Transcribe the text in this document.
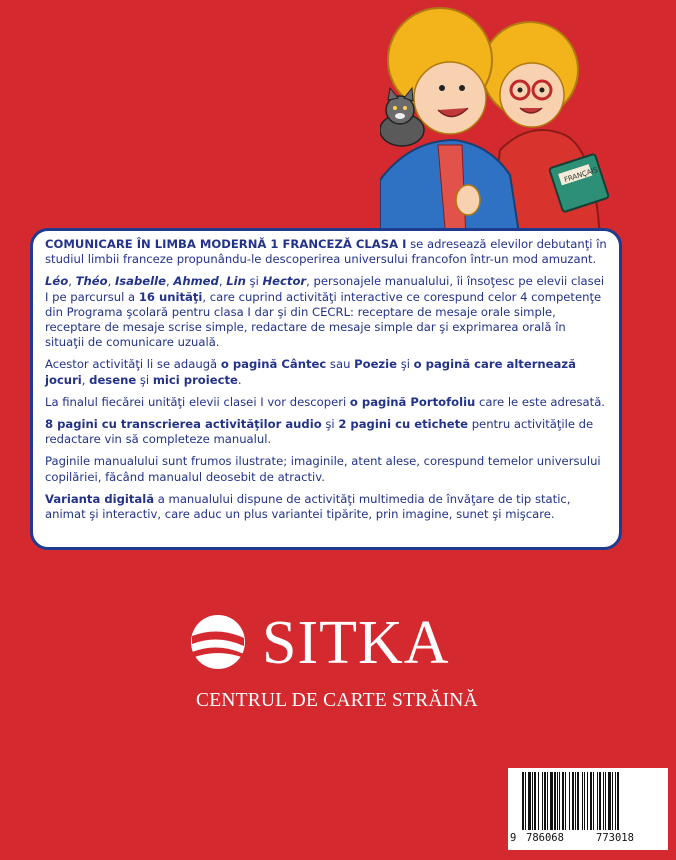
FRANÇAIS

COMUNICARE ÎN LIMBA MODERNĂ 1 FRANCEZĂ CLASA I se adresează elevilor debutanţi în studiul limbii franceze propunându-le descoperirea universului francofon într-un mod amuzant.

Léo, Théo, Isabelle, Ahmed, Lin şi Hector, personajele manualului, îi însoţesc pe elevii clasei I pe parcursul a 16 unităţi, care cuprind activităţi interactive ce corespund celor 4 competenţe din Programa şcolară pentru clasa I dar şi din CECRL: receptare de mesaje orale simple, receptare de mesaje scrise simple, redactare de mesaje simple dar şi exprimarea orală în situaţii de comunicare uzuală.

Acestor activităţi li se adaugă o pagină Cântec sau Poezie şi o pagină care alternează jocuri, desene şi mici proiecte.

La finalul fiecărei unităţi elevii clasei I vor descoperi o pagină Portofoliu care le este adresată.

8 pagini cu transcrierea activităţilor audio şi 2 pagini cu etichete pentru activităţile de redactare vin să completeze manualul.

Paginile manualului sunt frumos ilustrate; imaginile, atent alese, corespund temelor universului copilăriei, făcând manualul deosebit de atractiv.

Varianta digitală a manualului dispune de activităţi multimedia de învăţare de tip static, animat şi interactiv, care aduc un plus variantei tipărite, prin imagine, sunet şi mişcare.

SITKA
CENTRUL DE CARTE STRĂINĂ
9 786068	773018
